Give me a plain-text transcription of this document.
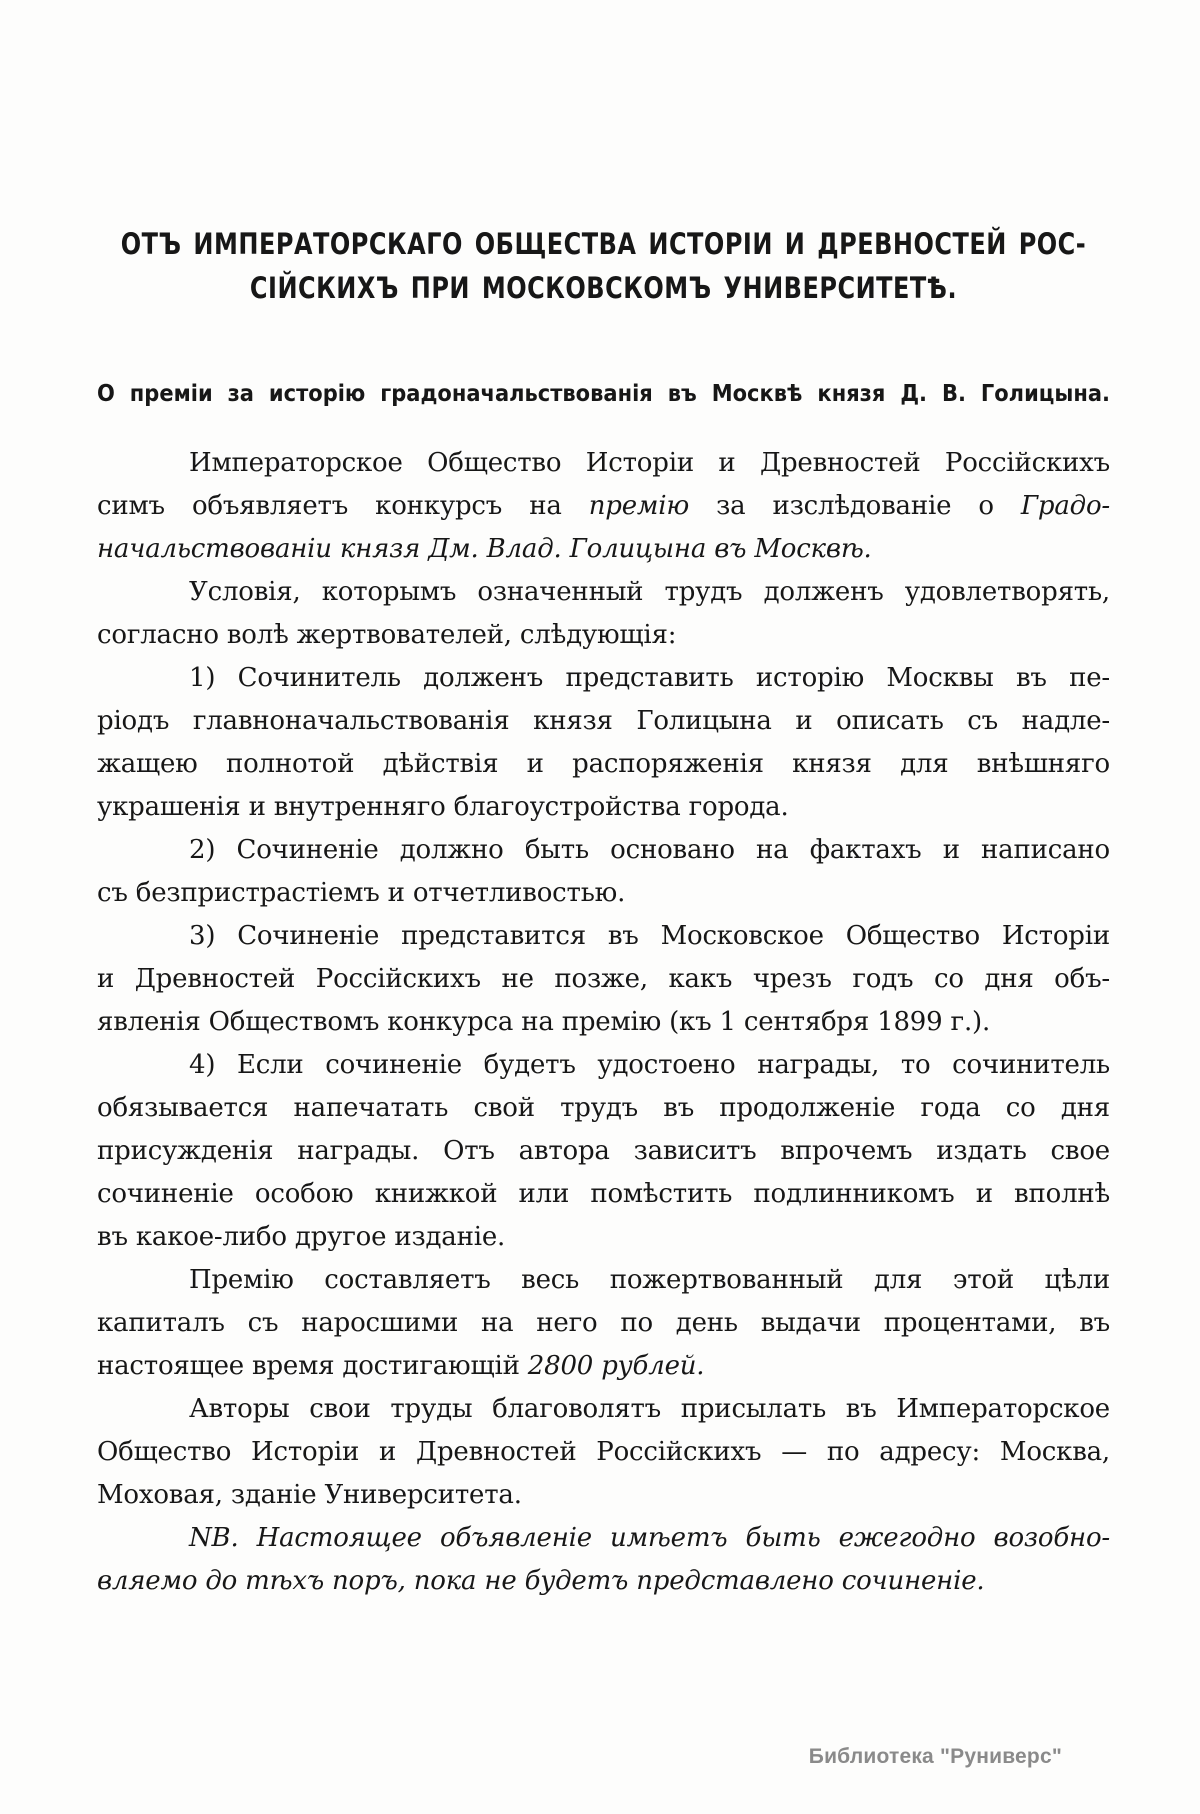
ОТЪ ИМПЕРАТОРСКАГО ОБЩЕСТВА ИСТОРІИ И ДРЕВНОСТЕЙ РОС-
СІЙСКИХЪ ПРИ МОСКОВСКОМЪ УНИВЕРСИТЕТѢ.
О преміи за исторію градоначальствованія въ Москвѣ князя Д. В. Голицына.
Императорское Общество Исторіи и Древностей Россійскихъ
симъ объявляетъ конкурсъ на премію за изслѣдованіе о Градо-
начальствованіи князя Дм. Влад. Голицына въ Москвѣ.
Условія, которымъ означенный трудъ долженъ удовлетворять,
согласно волѣ жертвователей, слѣдующія:
1) Сочинитель долженъ представить исторію Москвы въ пе-
ріодъ главноначальствованія князя Голицына и описать съ надле-
жащею полнотой дѣйствія и распоряженія князя для внѣшняго
украшенія и внутренняго благоустройства города.
2) Сочиненіе должно быть основано на фактахъ и написано
съ безпристрастіемъ и отчетливостью.
3) Сочиненіе представится въ Московское Общество Исторіи
и Древностей Россійскихъ не позже, какъ чрезъ годъ со дня объ-
явленія Обществомъ конкурса на премію (къ 1 сентября 1899 г.).
4) Если сочиненіе будетъ удостоено награды, то сочинитель
обязывается напечатать свой трудъ въ продолженіе года со дня
присужденія награды. Отъ автора зависитъ впрочемъ издать свое
сочиненіе особою книжкой или помѣстить подлинникомъ и вполнѣ
въ какое-либо другое изданіе.
Премію составляетъ весь пожертвованный для этой цѣли
капиталъ съ наросшими на него по день выдачи процентами, въ
настоящее время достигающій 2800 рублей.
Авторы свои труды благоволятъ присылать въ Императорское
Общество Исторіи и Древностей Россійскихъ — по адресу: Москва,
Моховая, зданіе Университета.
NB. Настоящее объявленіе имѣетъ быть ежегодно возобно-
вляемо до тѣхъ поръ, пока не будетъ представлено сочиненіе.
Библиотека "Руниверс"
